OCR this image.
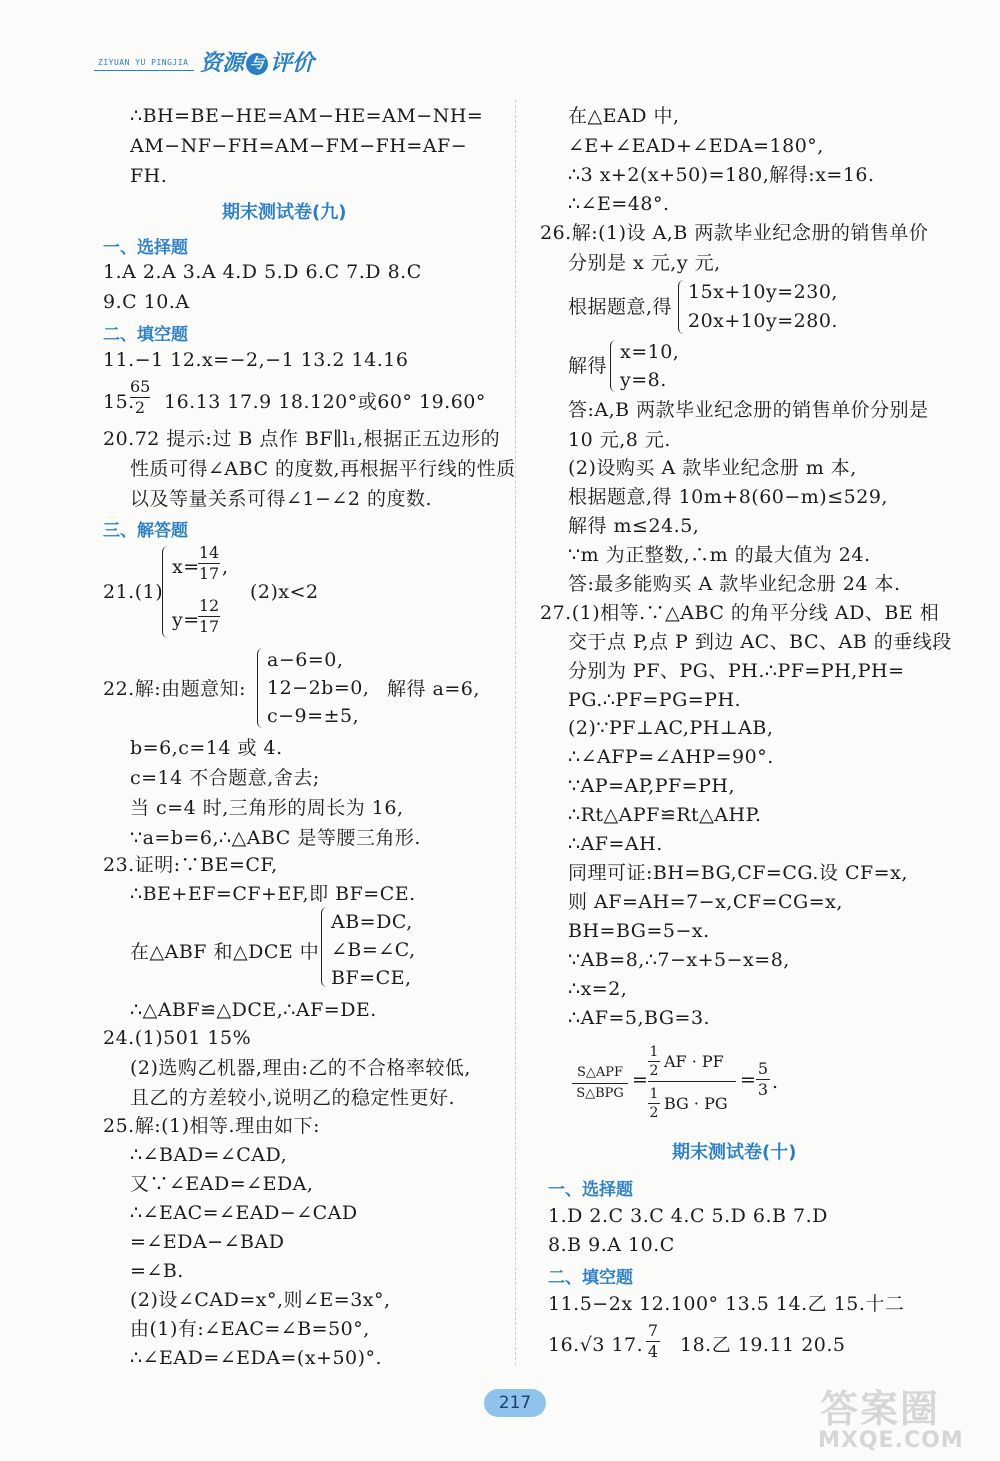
ZIYUAN YU PINGJIA 资源 与 评价
∴BH=BE−HE=AM−HE=AM−NH=
AM−NF−FH=AM−FM−FH=AF−
FH.
期末测试卷(九)
一、选择题
1.A 2.A 3.A 4.D 5.D 6.C 7.D 8.C
9.C 10.A
二、填空题
11.−1 12.x=−2,−1 13.2 14.16
15.
65
2 16.13 17.9 18.120°或60° 19.60°
20.72 提示:过 B 点作 BF∥l₁,根据正五边形的
性质可得∠ABC 的度数,再根据平行线的性质
以及等量关系可得∠1−∠2 的度数.
三、解答题
21.(1)
x=
14
17 ,
y=
12
17
(2)x<2
22.解:由题意知:
a−6=0,
12−2b=0,
c−9=±5,
解得 a=6,
b=6,c=14 或 4.
c=14 不合题意,舍去;
当 c=4 时,三角形的周长为 16,
∵a=b=6,∴△ABC 是等腰三角形.
23.证明:∵BE=CF,
∴BE+EF=CF+EF,即 BF=CE.
在△ABF 和△DCE 中
AB=DC,
∠B=∠C,
BF=CE,
∴△ABF≌△DCE,∴AF=DE.
24.(1)501 15%
(2)选购乙机器,理由:乙的不合格率较低,
且乙的方差较小,说明乙的稳定性更好.
25.解:(1)相等.理由如下:
∴∠BAD=∠CAD,
又∵∠EAD=∠EDA,
∴∠EAC=∠EAD−∠CAD
=∠EDA−∠BAD
=∠B.
(2)设∠CAD=x°,则∠E=3x°,
由(1)有:∠EAC=∠B=50°,
∴∠EAD=∠EDA=(x+50)°.
在△EAD 中,
∠E+∠EAD+∠EDA=180°,
∴3 x+2(x+50)=180,解得:x=16.
∴∠E=48°.
26.解:(1)设 A,B 两款毕业纪念册的销售单价
分别是 x 元,y 元,
根据题意,得
15x+10y=230,
20x+10y=280.
解得
x=10,
y=8.
答:A,B 两款毕业纪念册的销售单价分别是
10 元,8 元.
(2)设购买 A 款毕业纪念册 m 本,
根据题意,得 10m+8(60−m)≤529,
解得 m≤24.5,
∵m 为正整数,∴m 的最大值为 24.
答:最多能购买 A 款毕业纪念册 24 本.
27.(1)相等.∵△ABC 的角平分线 AD、BE 相
交于点 P,点 P 到边 AC、BC、AB 的垂线段
分别为 PF、PG、PH.∴PF=PH,PH=
PG.∴PF=PG=PH.
(2)∵PF⊥AC,PH⊥AB,
∴∠AFP=∠AHP=90°.
∵AP=AP,PF=PH,
∴Rt△APF≌Rt△AHP.
∴AF=AH.
同理可证:BH=BG,CF=CG.设 CF=x,
则 AF=AH=7−x,CF=CG=x,
BH=BG=5−x.
∵AB=8,∴7−x+5−x=8,
∴x=2,
∴AF=5,BG=3.
S△APF
S△BPG
=
1
2 AF · PF
1
2 BG · PG
=
5
3 .
期末测试卷(十)
一、选择题
1.D 2.C 3.C 4.C 5.D 6.B 7.D
8.B 9.A 10.C
二、填空题
11.5−2x 12.100° 13.5 14.乙 15.十二
16.√3 17.
7
4 18.乙 19.11 20.5
217	答案圈
MXQE.COM
